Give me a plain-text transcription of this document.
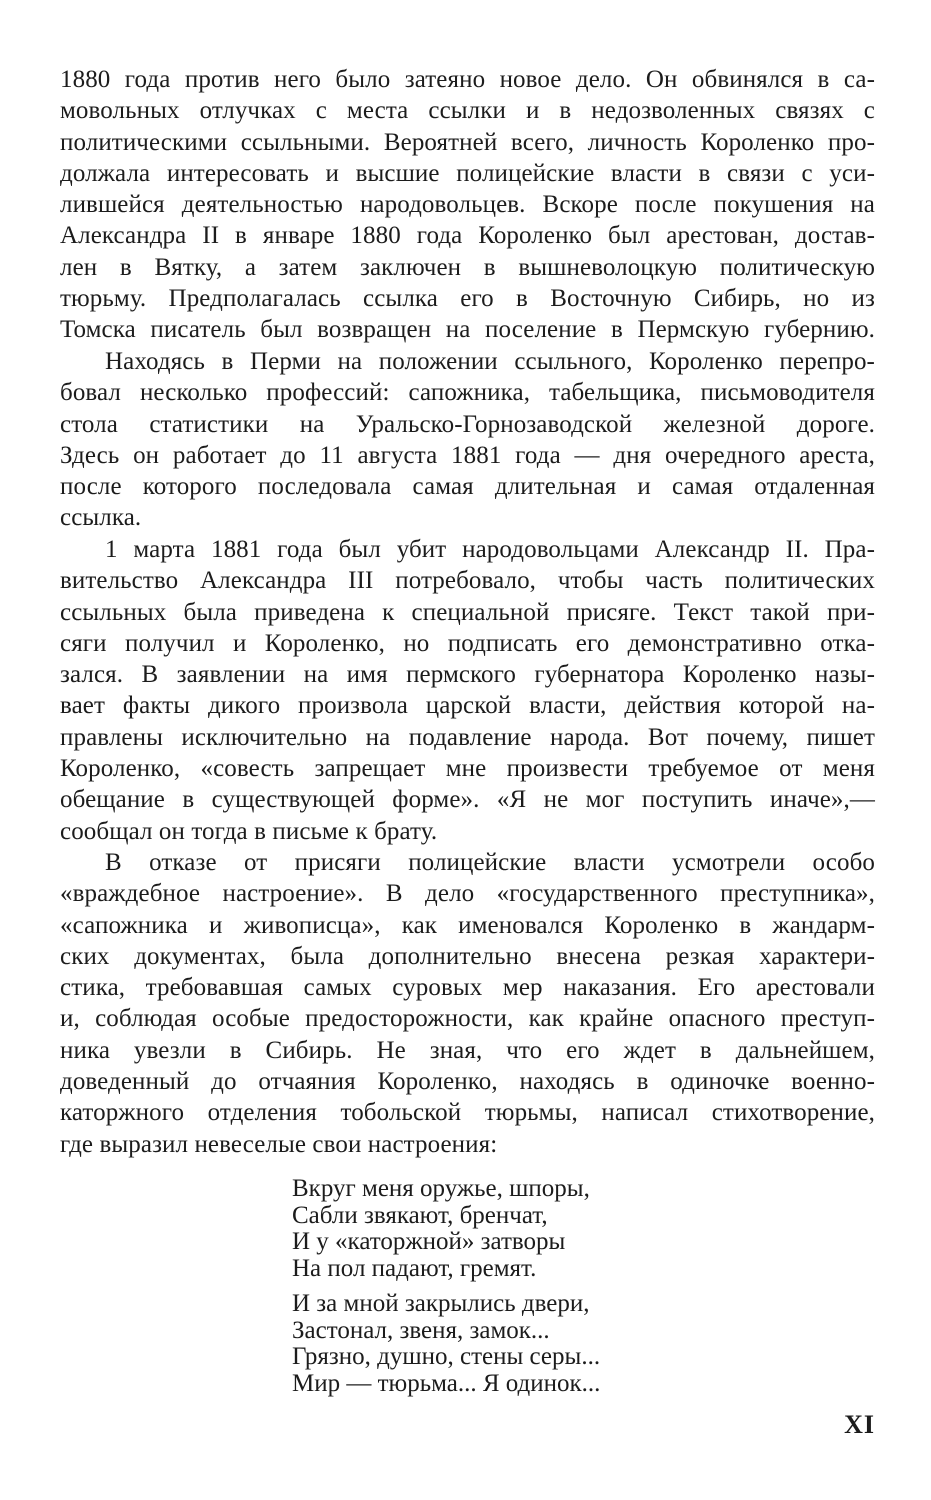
1880 года против него было затеяно новое дело. Он обвинялся в са-
мовольных отлучках с места ссылки и в недозволенных связях с
политическими ссыльными. Вероятней всего, личность Короленко про-
должала интересовать и высшие полицейские власти в связи с уси-
лившейся деятельностью народовольцев. Вскоре после покушения на
Александра II в январе 1880 года Короленко был арестован, достав-
лен в Вятку, а затем заключен в вышневолоцкую политическую
тюрьму. Предполагалась ссылка его в Восточную Сибирь, но из
Томска писатель был возвращен на поселение в Пермскую губернию.

Находясь в Перми на положении ссыльного, Короленко перепро-
бовал несколько профессий: сапожника, табельщика, письмоводителя
стола статистики на Уральско-Горнозаводской железной дороге.
Здесь он работает до 11 августа 1881 года — дня очередного ареста,
после которого последовала самая длительная и самая отдаленная
ссылка.

1 марта 1881 года был убит народовольцами Александр II. Пра-
вительство Александра III потребовало, чтобы часть политических
ссыльных была приведена к специальной присяге. Текст такой при-
сяги получил и Короленко, но подписать его демонстративно отка-
зался. В заявлении на имя пермского губернатора Короленко назы-
вает факты дикого произвола царской власти, действия которой на-
правлены исключительно на подавление народа. Вот почему, пишет
Короленко, «совесть запрещает мне произвести требуемое от меня
обещание в существующей форме». «Я не мог поступить иначе»,—
сообщал он тогда в письме к брату.

В отказе от присяги полицейские власти усмотрели особо
«враждебное настроение». В дело «государственного преступника»,
«сапожника и живописца», как именовался Короленко в жандарм-
ских документах, была дополнительно внесена резкая характери-
стика, требовавшая самых суровых мер наказания. Его арестовали
и, соблюдая особые предосторожности, как крайне опасного преступ-
ника увезли в Сибирь. Не зная, что его ждет в дальнейшем,
доведенный до отчаяния Короленко, находясь в одиночке военно-
каторжного отделения тобольской тюрьмы, написал стихотворение,
где выразил невеселые свои настроения:

Вкруг меня оружье, шпоры,
Сабли звякают, бренчат,
И у «каторжной» затворы
На пол падают, гремят.
И за мной закрылись двери,
Застонал, звеня, замок...
Грязно, душно, стены серы...
Мир — тюрьма... Я одинок...
XI
